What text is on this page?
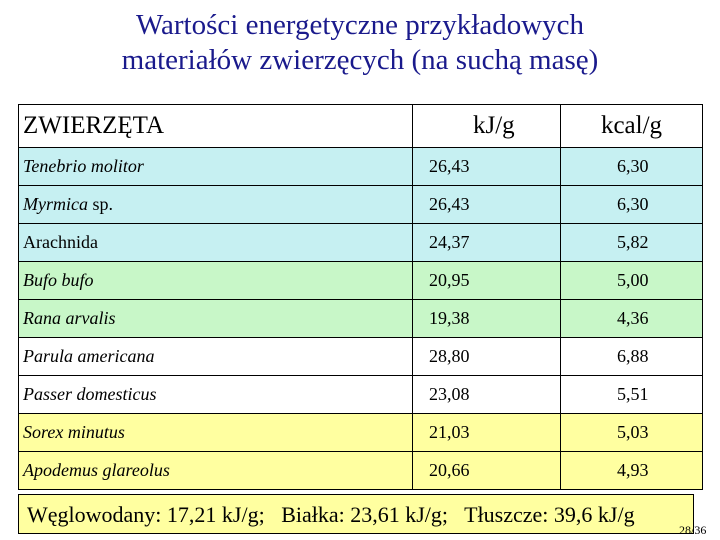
Wartości energetyczne przykładowych
materiałów zwierzęcych (na suchą masę)
ZWIERZĘTA	kJ/g	kcal/g
Tenebrio molitor	26,43	6,30
Myrmica sp.	26,43	6,30
Arachnida	24,37	5,82
Bufo bufo	20,95	5,00
Rana arvalis	19,38	4,36
Parula americana	28,80	6,88
Passer domesticus	23,08	5,51
Sorex minutus	21,03	5,03
Apodemus glareolus	20,66	4,93
Węglowodany: 17,21 kJ/g;   Białka: 23,61 kJ/g;   Tłuszcze: 39,6 kJ/g
28/36
